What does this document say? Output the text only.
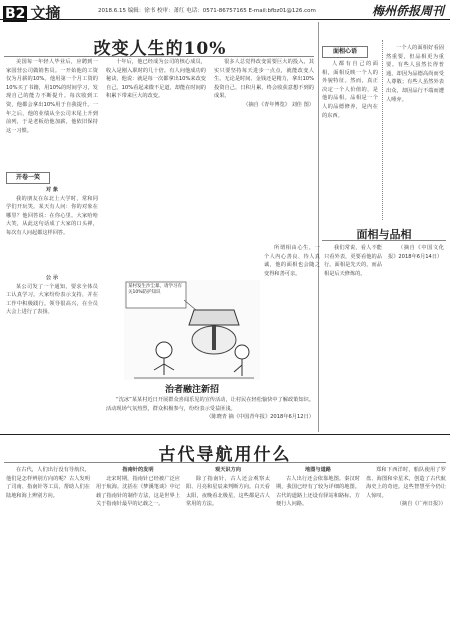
B2 文摘	2018.6.15 编辑：徐书 校审：萧红 电话：0571-86757165 E-mail:bfbz01@126.com	梅州侨报周刊
改变人生的10%

美国每一年轻人毕业后，应聘到一家国营公司做销售员。一开始他的工资仅为月薪的10%。他用第一个月工资的10%买了书籍，用10%的时间学习，发现自己的能力不断提升。每次收到工资，他都会拿出10%用于自我提升。一年之后，他的业绩从全公司末尾上升到前列，于是老板给他加薪，他依旧保持这一习惯。

十年后，他已经成为公司的核心成员，收入是刚入职时的几十倍。有人问他成功的秘诀，他说：就是每一次都拿出10%来改变自己。10%看起来微不足道，却能在时间的积累下带来巨大的改变。

很多人总觉得改变需要巨大的投入，其实只要坚持每天进步一点点，就能改变人生。无论是时间、金钱还是精力，拿出10%投资自己，日积月累，终会收获意想不到的成果。

（摘自《青年博览》 刘佳 图）

开卷一笑
对 象

我的朋友在东北上大学时，常和同学们开玩笑。某天有人问：你的对象在哪里？他回答说：在你心里。大家哈哈大笑，从此这句话成了大家的口头禅，每次有人问起都这样回答。

公 示

某公司发了一个通知，要求全体员工认真学习。大家纷纷表示支持，并在工作中积极践行。领导很高兴，在全员大会上进行了表扬。

某村发生沙尘暴，请学习有关10%防护知识
治者融注新招

“沈冰”某某村近日开展群众喜闻乐见的宣传活动，让村民在轻松愉快中了解政策知识。活动现场气氛热烈，群众积极参与，纷纷表示受益匪浅。

（陈晓青 摘《中国青年报》2018年6月12日）

面相心语

人都有自己的面相，面相反映一个人的外貌特征。然而，真正决定一个人价值的，是他的品相。品相是一个人的品德修养，是内在的东西。

一个人的面相好看固然重要，但品相更为重要。有些人虽然长得普通，却因为品德高尚而受人尊敬；有些人虽然外表出众，却因品行不端而遭人唾弃。

面相与品相

所谓相由心生，一个人内心善良、待人真诚，他的面相也会随之变得和善可亲。

我们常说，看人不能只看外表，更要看他的品行。面相是先天的，而品相是后天修炼的。

（摘自《中国文化报》2018年6月14日）

古代导航用什么

在古代，人们出行没有导航仪，他们是怎样辨别方向的呢？古人发明了司南、指南针等工具，帮助人们在陆地和海上辨别方向。

指南针的发明

北宋时期，指南针已经被广泛应用于航海。沈括在《梦溪笔谈》中记载了指南针的制作方法，这是世界上关于指南针最早的记载之一。

观天识方向

除了指南针，古人还会观察太阳、月亮和星辰来判断方向。白天看太阳，夜晚看北极星，这些都是古人常用的方法。

地图与道路

古人出行还会依靠地图。秦汉时期，我国已经有了较为详细的地图。古代的道路上还设有驿站和路标，方便行人问路。

郑和下西洋时，船队使用了罗盘、海图和牵星术，创造了古代航海史上的奇迹。这些智慧至今仍让人惊叹。

（摘自《广州日报》）
